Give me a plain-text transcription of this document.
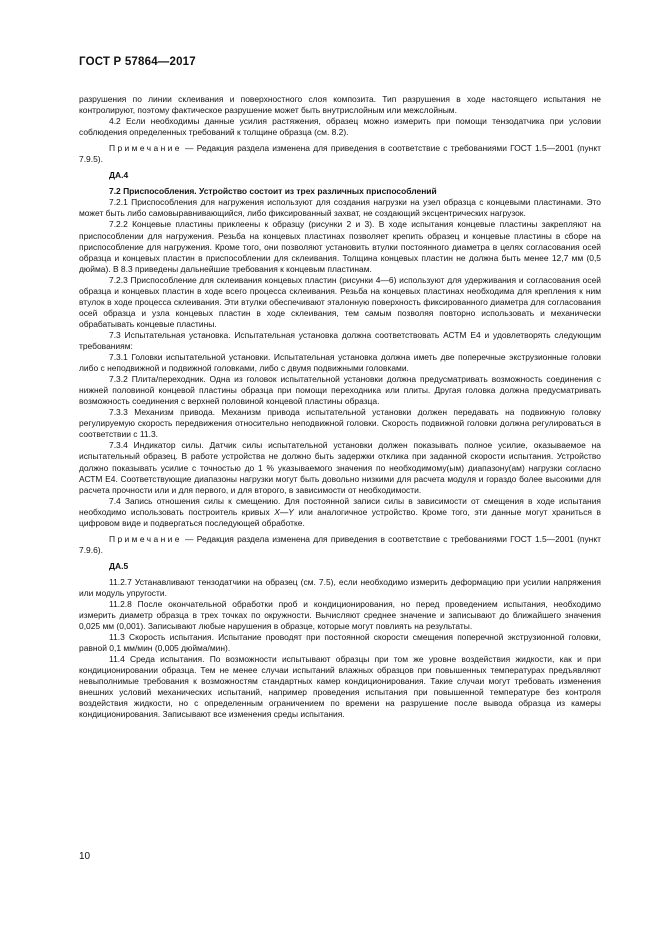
ГОСТ Р 57864—2017

разрушения по линии склеивания и поверхностного слоя композита. Тип разрушения в ходе настоящего испытания не контролируют, поэтому фактическое разрушение может быть внутрислойным или межслойным.

4.2 Если необходимы данные усилия растяжения, образец можно измерить при помощи тензодатчика при условии соблюдения определенных требований к толщине образца (см. 8.2).

Примечание — Редакция раздела изменена для приведения в соответствие с требованиями ГОСТ 1.5—2001 (пункт 7.9.5).

ДА.4

7.2 Приспособления. Устройство состоит из трех различных приспособлений

7.2.1 Приспособления для нагружения используют для создания нагрузки на узел образца с концевыми пластинами. Это может быть либо самовыравнивающийся, либо фиксированный захват, не создающий эксцентрических нагрузок.

7.2.2 Концевые пластины приклеены к образцу (рисунки 2 и 3). В ходе испытания концевые пластины закрепляют на приспособлении для нагружения. Резьба на концевых пластинах позволяет крепить образец и концевые пластины в сборе на приспособление для нагружения. Кроме того, они позволяют установить втулки постоянного диаметра в целях согласования осей образца и концевых пластин в приспособлении для склеивания. Толщина концевых пластин не должна быть менее 12,7 мм (0,5 дюйма). В 8.3 приведены дальнейшие требования к концевым пластинам.

7.2.3 Приспособление для склеивания концевых пластин (рисунки 4—6) используют для удерживания и согласования осей образца и концевых пластин в ходе всего процесса склеивания. Резьба на концевых пластинах необходима для крепления к ним втулок в ходе процесса склеивания. Эти втулки обеспечивают эталонную поверхность фиксированного диаметра для согласования осей образца и узла концевых пластин в ходе склеивания, тем самым позволяя повторно использовать и механически обрабатывать концевые пластины.

7.3 Испытательная установка. Испытательная установка должна соответствовать АСТМ Е4 и удовлетворять следующим требованиям:

7.3.1 Головки испытательной установки. Испытательная установка должна иметь две поперечные экструзионные головки либо с неподвижной и подвижной головками, либо с двумя подвижными головками.

7.3.2 Плита/переходник. Одна из головок испытательной установки должна предусматривать возможность соединения с нижней половиной концевой пластины образца при помощи переходника или плиты. Другая головка должна предусматривать возможность соединения с верхней половиной концевой пластины образца.

7.3.3 Механизм привода. Механизм привода испытательной установки должен передавать на подвижную головку регулируемую скорость передвижения относительно неподвижной головки. Скорость подвижной головки должна регулироваться в соответствии с 11.3.

7.3.4 Индикатор силы. Датчик силы испытательной установки должен показывать полное усилие, оказываемое на испытательный образец. В работе устройства не должно быть задержки отклика при заданной скорости испытания. Устройство должно показывать усилие с точностью до 1 % указываемого значения по необходимому(ым) диапазону(ам) нагрузки согласно АСТМ Е4. Соответствующие диапазоны нагрузки могут быть довольно низкими для расчета модуля и гораздо более высокими для расчета прочности или и для первого, и для второго, в зависимости от необходимости.

7.4 Запись отношения силы к смещению. Для постоянной записи силы в зависимости от смещения в ходе испытания необходимо использовать построитель кривых X—Y или аналогичное устройство. Кроме того, эти данные могут храниться в цифровом виде и подвергаться последующей обработке.

Примечание — Редакция раздела изменена для приведения в соответствие с требованиями ГОСТ 1.5—2001 (пункт 7.9.6).

ДА.5

11.2.7 Устанавливают тензодатчики на образец (см. 7.5), если необходимо измерить деформацию при усилии напряжения или модуль упругости.

11.2.8 После окончательной обработки проб и кондиционирования, но перед проведением испытания, необходимо измерить диаметр образца в трех точках по окружности. Вычисляют среднее значение и записывают до ближайшего значения 0,025 мм (0,001). Записывают любые нарушения в образце, которые могут повлиять на результаты.

11.3 Скорость испытания. Испытание проводят при постоянной скорости смещения поперечной экструзионной головки, равной 0,1 мм/мин (0,005 дюйма/мин).

11.4 Среда испытания. По возможности испытывают образцы при том же уровне воздействия жидкости, как и при кондиционировании образца. Тем не менее случаи испытаний влажных образцов при повышенных температурах предъявляют невыполнимые требования к возможностям стандартных камер кондиционирования. Такие случаи могут требовать изменения внешних условий механических испытаний, например проведения испытания при повышенной температуре без контроля воздействия жидкости, но с определенным ограничением по времени на разрушение после вывода образца из камеры кондиционирования. Записывают все изменения среды испытания.

10
